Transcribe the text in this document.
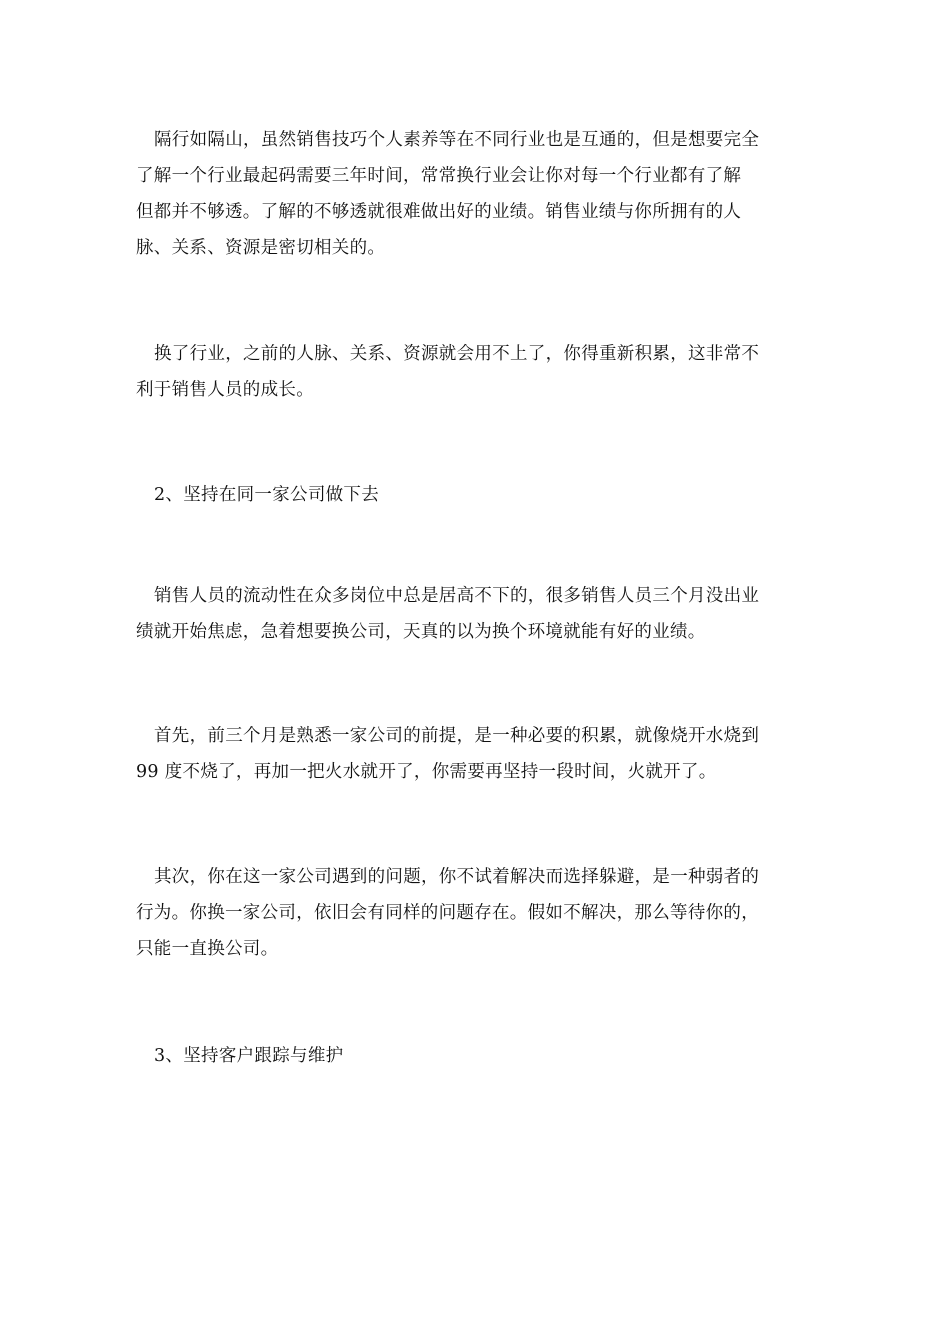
隔行如隔山，虽然销售技巧个人素养等在不同行业也是互通的，但是想要完全
了解一个行业最起码需要三年时间，常常换行业会让你对每一个行业都有了解
但都并不够透。了解的不够透就很难做出好的业绩。销售业绩与你所拥有的人
脉、关系、资源是密切相关的。

换了行业，之前的人脉、关系、资源就会用不上了，你得重新积累，这非常不
利于销售人员的成长。

2、坚持在同一家公司做下去

销售人员的流动性在众多岗位中总是居高不下的，很多销售人员三个月没出业
绩就开始焦虑，急着想要换公司，天真的以为换个环境就能有好的业绩。

首先，前三个月是熟悉一家公司的前提，是一种必要的积累，就像烧开水烧到
99 度不烧了，再加一把火水就开了，你需要再坚持一段时间，火就开了。

其次，你在这一家公司遇到的问题，你不试着解决而选择躲避，是一种弱者的
行为。你换一家公司，依旧会有同样的问题存在。假如不解决，那么等待你的，
只能一直换公司。

3、坚持客户跟踪与维护
